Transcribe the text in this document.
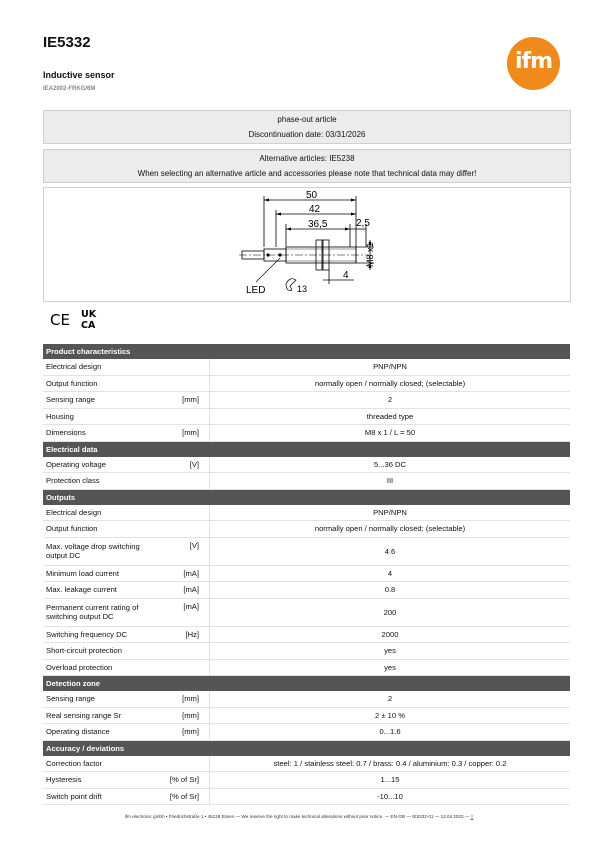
IE5332
Inductive sensor
IEA2002-FRKG/6M
ifm
phase-out article
Discontinuation date: 03/31/2026
Alternative articles: IE5238
When selecting an alternative article and accessories please note that technical data may differ!
50
42
36,5	2,5
M8 x1
4
13
LED
CE UK
CA
Product characteristics		
Electrical design		PNP/NPN
Output function		normally open / normally closed; (selectable)
Sensing range	[mm]	2
Housing		threaded type
Dimensions	[mm]	M8 x 1 / L = 50
Electrical data		
Operating voltage	[V]	5...36 DC
Protection class		III
Outputs		
Electrical design		PNP/NPN
Output function		normally open / normally closed; (selectable)
Max. voltage drop switching output DC	[V]	4.6
Minimum load current	[mA]	4
Max. leakage current	[mA]	0.8
Permanent current rating of switching output DC	[mA]	200
Switching frequency DC	[Hz]	2000
Short-circuit protection		yes
Overload protection		yes
Detection zone		
Sensing range	[mm]	2
Real sensing range Sr	[mm]	2 ± 10 %
Operating distance	[mm]	0...1.6
Accuracy / deviations		
Correction factor		steel: 1 / stainless steel: 0.7 / brass: 0.4 / aluminium: 0.3 / copper: 0.2
Hysteresis	[% of Sr]	1...15
Switch point drift	[% of Sr]	-10...10
ifm electronic gmbh • Friedrichstraße 1 • 45128 Essen — We reserve the right to make technical alterations without prior notice. — EN-GB — IE5332-01 — 13.04.2023 — ▯
